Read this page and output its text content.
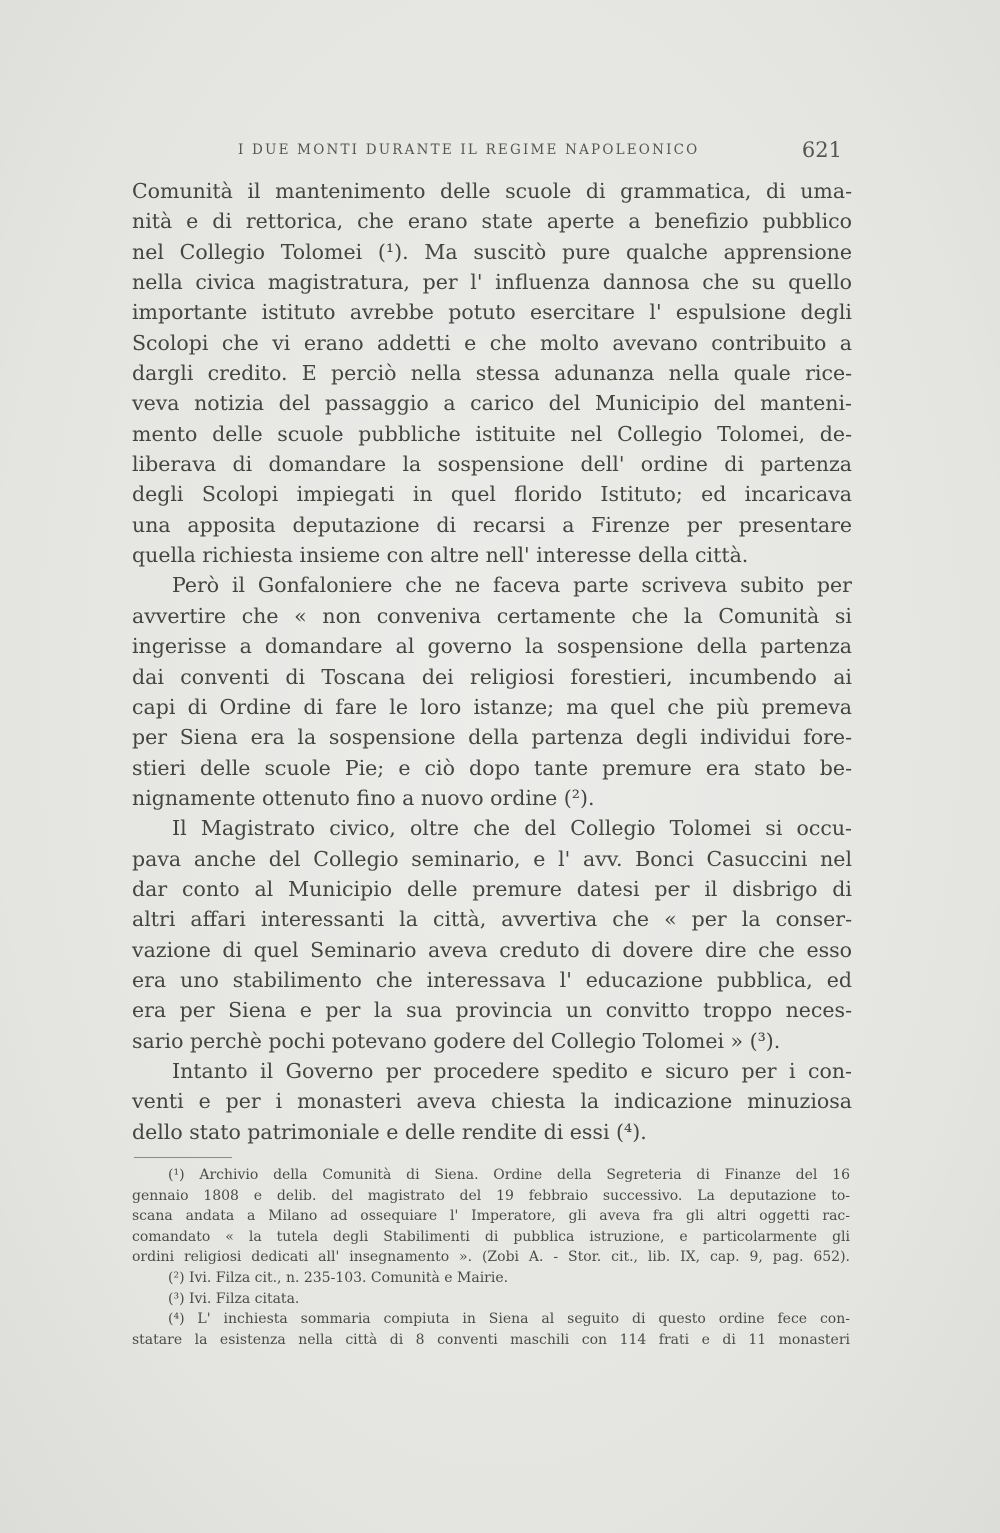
I DUE MONTI DURANTE IL REGIME NAPOLEONICO	621
Comunità il mantenimento delle scuole di grammatica, di uma-
nità e di rettorica, che erano state aperte a benefizio pubblico
nel Collegio Tolomei (¹). Ma suscitò pure qualche apprensione
nella civica magistratura, per l' influenza dannosa che su quello
importante istituto avrebbe potuto esercitare l' espulsione degli
Scolopi che vi erano addetti e che molto avevano contribuito a
dargli credito. E perciò nella stessa adunanza nella quale rice-
veva notizia del passaggio a carico del Municipio del manteni-
mento delle scuole pubbliche istituite nel Collegio Tolomei, de-
liberava di domandare la sospensione dell' ordine di partenza
degli Scolopi impiegati in quel florido Istituto; ed incaricava
una apposita deputazione di recarsi a Firenze per presentare
quella richiesta insieme con altre nell' interesse della città.
Però il Gonfaloniere che ne faceva parte scriveva subito per
avvertire che « non conveniva certamente che la Comunità si
ingerisse a domandare al governo la sospensione della partenza
dai conventi di Toscana dei religiosi forestieri, incumbendo ai
capi di Ordine di fare le loro istanze; ma quel che più premeva
per Siena era la sospensione della partenza degli individui fore-
stieri delle scuole Pie; e ciò dopo tante premure era stato be-
nignamente ottenuto fino a nuovo ordine (²).
Il Magistrato civico, oltre che del Collegio Tolomei si occu-
pava anche del Collegio seminario, e l' avv. Bonci Casuccini nel
dar conto al Municipio delle premure datesi per il disbrigo di
altri affari interessanti la città, avvertiva che « per la conser-
vazione di quel Seminario aveva creduto di dovere dire che esso
era uno stabilimento che interessava l' educazione pubblica, ed
era per Siena e per la sua provincia un convitto troppo neces-
sario perchè pochi potevano godere del Collegio Tolomei » (³).
Intanto il Governo per procedere spedito e sicuro per i con-
venti e per i monasteri aveva chiesta la indicazione minuziosa
dello stato patrimoniale e delle rendite di essi (⁴).
(¹) Archivio della Comunità di Siena. Ordine della Segreteria di Finanze del 16
gennaio 1808 e delib. del magistrato del 19 febbraio successivo. La deputazione to-
scana andata a Milano ad ossequiare l' Imperatore, gli aveva fra gli altri oggetti rac-
comandato « la tutela degli Stabilimenti di pubblica istruzione, e particolarmente gli
ordini religiosi dedicati all' insegnamento ». (Zobi A. - Stor. cit., lib. IX, cap. 9, pag. 652).
(²) Ivi. Filza cit., n. 235-103. Comunità e Mairie.
(³) Ivi. Filza citata.
(⁴) L' inchiesta sommaria compiuta in Siena al seguito di questo ordine fece con-
statare la esistenza nella città di 8 conventi maschili con 114 frati e di 11 monasteri
